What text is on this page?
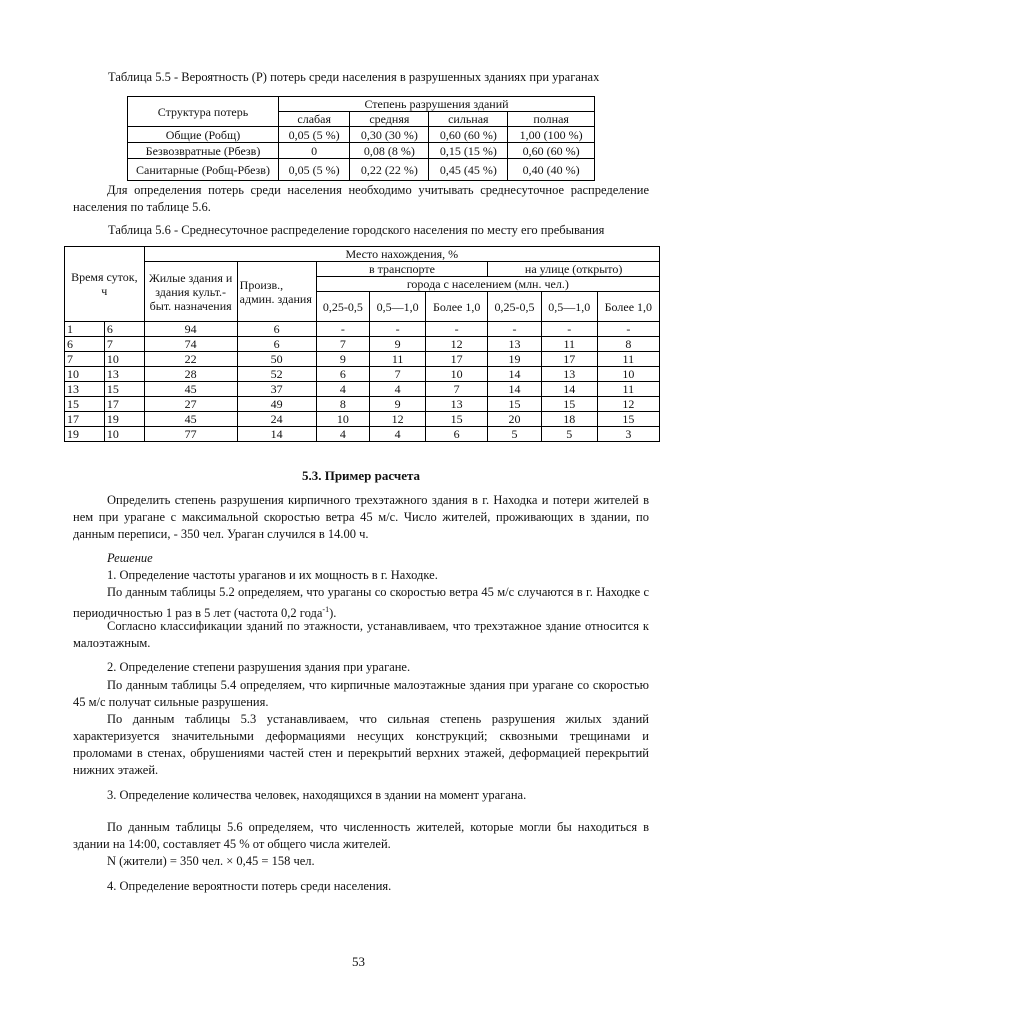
Таблица 5.5 - Вероятность (Р) потерь среди населения в разрушенных зданиях при ураганах
Структура потерь	Степень разрушения зданий			
	слабая	средняя	сильная	полная
Общие (Робщ)	0,05 (5 %)	0,30 (30 %)	0,60 (60 %)	1,00 (100 %)
Безвозвратные (Рбезв)	0	0,08 (8 %)	0,15 (15 %)	0,60 (60 %)
Санитарные (Робщ-Рбезв)	0,05 (5 %)	0,22 (22 %)	0,45 (45 %)	0,40 (40 %)
Для определения потерь среди населения необходимо учитывать среднесуточное распределение населения по таблице 5.6.
Таблица 5.6 - Среднесуточное распределение городского населения по месту его пребывания
Время суток, ч		Место нахождения, %							
		Жилые здания и здания культ.-быт. назначения	Произв., админ. здания	в транспорте			на улице (открыто)		
				города с населением (млн. чел.)					
				0,25-0,5	0,5—1,0	Более 1,0	0,25-0,5	0,5—1,0	Более 1,0
1	6	94	6	-	-	-	-	-	-
6	7	74	6	7	9	12	13	11	8
7	10	22	50	9	11	17	19	17	11
10	13	28	52	6	7	10	14	13	10
13	15	45	37	4	4	7	14	14	11
15	17	27	49	8	9	13	15	15	12
17	19	45	24	10	12	15	20	18	15
19	10	77	14	4	4	6	5	5	3
5.3. Пример расчета
Определить степень разрушения кирпичного трехэтажного здания в г. Находка и потери жителей в нем при урагане с максимальной скоростью ветра 45 м/с. Число жителей, проживающих в здании, по данным переписи, - 350 чел. Ураган случился в 14.00 ч.
Решение
1. Определение частоты ураганов и их мощность в г. Находке.
По данным таблицы 5.2 определяем, что ураганы со скоростью ветра 45 м/с случаются в г. Находке с периодичностью 1 раз в 5 лет (частота 0,2 года$^{-1}$).
Согласно классификации зданий по этажности, устанавливаем, что трехэтажное здание относится к малоэтажным.
2. Определение степени разрушения здания при урагане.
По данным таблицы 5.4 определяем, что кирпичные малоэтажные здания при урагане со скоростью 45 м/с получат сильные разрушения.
По данным таблицы 5.3 устанавливаем, что сильная степень разрушения жилых зданий характеризуется значительными деформациями несущих конструкций; сквозными трещинами и проломами в стенах, обрушениями частей стен и перекрытий верхних этажей, деформацией перекрытий нижних этажей.
3. Определение количества человек, находящихся в здании на момент урагана.
По данным таблицы 5.6 определяем, что численность жителей, которые могли бы находиться в здании на 14:00, составляет 45 % от общего числа жителей.
N (жители) = 350 чел. × 0,45 = 158 чел.
4. Определение вероятности потерь среди населения.
53
